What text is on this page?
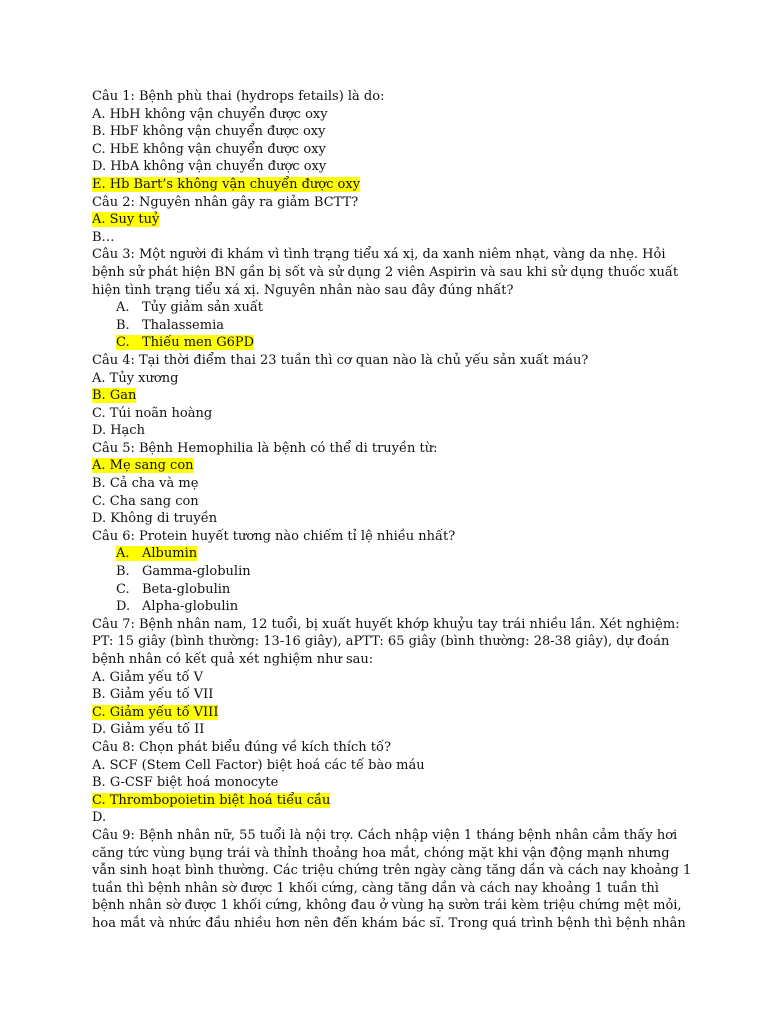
Câu 1: Bệnh phù thai (hydrops fetails) là do:
A. HbH không vận chuyển được oxy
B. HbF không vận chuyển được oxy
C. HbE không vận chuyển được oxy
D. HbA không vận chuyển được oxy
E. Hb Bart’s không vận chuyển được oxy
Câu 2: Nguyên nhân gây ra giảm BCTT?
A. Suy tuỷ
B…
Câu 3: Một người đi khám vì tình trạng tiểu xá xị, da xanh niêm nhạt, vàng da nhẹ. Hỏi
bệnh sử phát hiện BN gần bị sốt và sử dụng 2 viên Aspirin và sau khi sử dụng thuốc xuất
hiện tình trạng tiểu xá xị. Nguyên nhân nào sau đây đúng nhất?
A. Tủy giảm sản xuất
B. Thalassemia
C. Thiếu men G6PD
Câu 4: Tại thời điểm thai 23 tuần thì cơ quan nào là chủ yếu sản xuất máu?
A. Tủy xương
B. Gan
C. Túi noãn hoàng
D. Hạch
Câu 5: Bệnh Hemophilia là bệnh có thể di truyền từ:
A. Mẹ sang con
B. Cả cha và mẹ
C. Cha sang con
D. Không di truyền
Câu 6: Protein huyết tương nào chiếm tỉ lệ nhiều nhất?
A. Albumin
B. Gamma-globulin
C. Beta-globulin
D. Alpha-globulin
Câu 7: Bệnh nhân nam, 12 tuổi, bị xuất huyết khớp khuỷu tay trái nhiều lần. Xét nghiệm:
PT: 15 giây (bình thường: 13-16 giây), aPTT: 65 giây (bình thường: 28-38 giây), dự đoán
bệnh nhân có kết quả xét nghiệm như sau:
A. Giảm yếu tố V
B. Giảm yếu tố VII
C. Giảm yếu tố VIII
D. Giảm yếu tố II
Câu 8: Chọn phát biểu đúng về kích thích tố?
A. SCF (Stem Cell Factor) biệt hoá các tế bào máu
B. G-CSF biệt hoá monocyte
C. Thrombopoietin biệt hoá tiểu cầu
D.
Câu 9: Bệnh nhân nữ, 55 tuổi là nội trợ. Cách nhập viện 1 tháng bệnh nhân cảm thấy hơi
căng tức vùng bụng trái và thỉnh thoảng hoa mắt, chóng mặt khi vận động mạnh nhưng
vẫn sinh hoạt bình thường. Các triệu chứng trên ngày càng tăng dần và cách nay khoảng 1
tuần thì bệnh nhân sờ được 1 khối cứng, càng tăng dần và cách nay khoảng 1 tuần thì
bệnh nhân sờ được 1 khối cứng, không đau ở vùng hạ sườn trái kèm triệu chứng mệt mỏi,
hoa mắt và nhức đầu nhiều hơn nên đến khám bác sĩ. Trong quá trình bệnh thì bệnh nhân
